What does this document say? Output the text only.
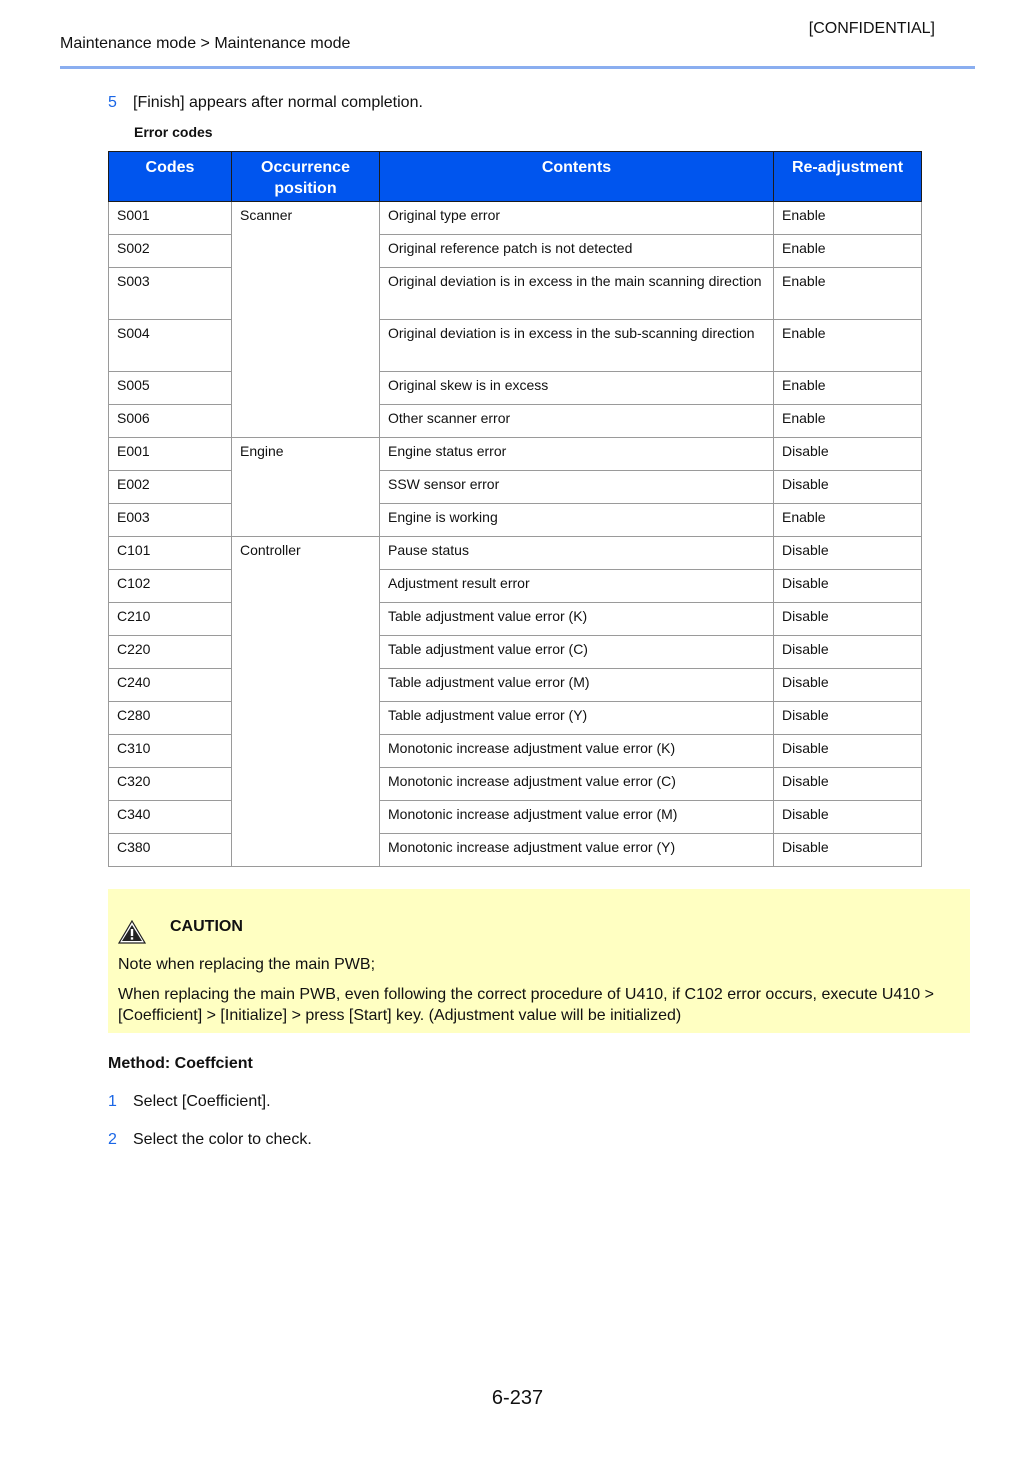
[CONFIDENTIAL]
Maintenance mode > Maintenance mode
5	[Finish] appears after normal completion.
Error codes
Codes	Occurrence position	Contents	Re-adjustment
S001	Scanner	Original type error	Enable
S002		Original reference patch is not detected	Enable
S003		Original deviation is in excess in the main scanning direction	Enable
S004		Original deviation is in excess in the sub-scanning direction	Enable
S005		Original skew is in excess	Enable
S006		Other scanner error	Enable
E001	Engine	Engine status error	Disable
E002		SSW sensor error	Disable
E003		Engine is working	Enable
C101	Controller	Pause status	Disable
C102		Adjustment result error	Disable
C210		Table adjustment value error (K)	Disable
C220		Table adjustment value error (C)	Disable
C240		Table adjustment value error (M)	Disable
C280		Table adjustment value error (Y)	Disable
C310		Monotonic increase adjustment value error (K)	Disable
C320		Monotonic increase adjustment value error (C)	Disable
C340		Monotonic increase adjustment value error (M)	Disable
C380		Monotonic increase adjustment value error (Y)	Disable
CAUTION
Note when replacing the main PWB;
When replacing the main PWB, even following the correct procedure of U410, if C102 error occurs, execute U410 > [Coefficient] > [Initialize] > press [Start] key. (Adjustment value will be initialized)
Method: Coeffcient
1	Select [Coefficient].
2	Select the color to check.
6-237
